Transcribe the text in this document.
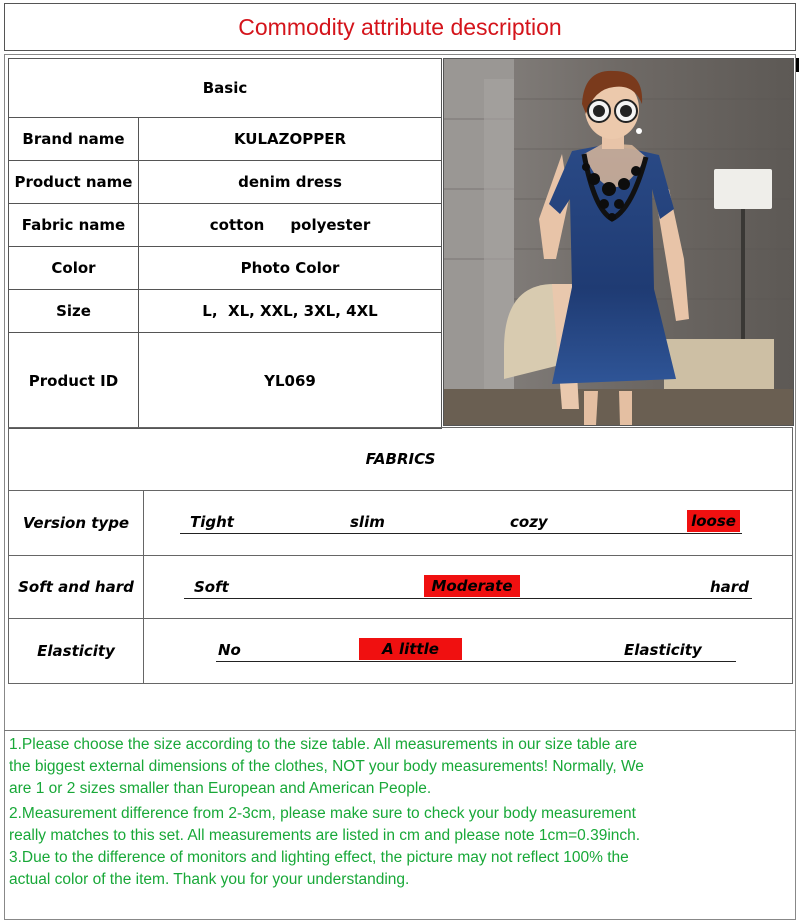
Commodity attribute description
Basic	
Brand name	KULAZOPPER
Product name	denim dress
Fabric name	cotton     polyester
Color	Photo Color
Size	L,  XL, XXL, 3XL, 4XL
Product ID	YL069
FABRICS	
Version type	Tight slim cozy loose

Soft and hard	Soft Moderate hard

Elasticity	No A little Elasticity
1.Please choose the size according to the size table. All measurements in our size table are
the biggest external dimensions of the clothes, NOT your body measurements! Normally, We
are 1 or 2 sizes smaller than European and American People.
2.Measurement difference from 2-3cm, please make sure to check your body measurement
really matches to this set. All measurements are listed in cm and please note 1cm=0.39inch.
3.Due to the difference of monitors and lighting effect, the picture may not reflect 100% the
actual color of the item. Thank you for your understanding.
